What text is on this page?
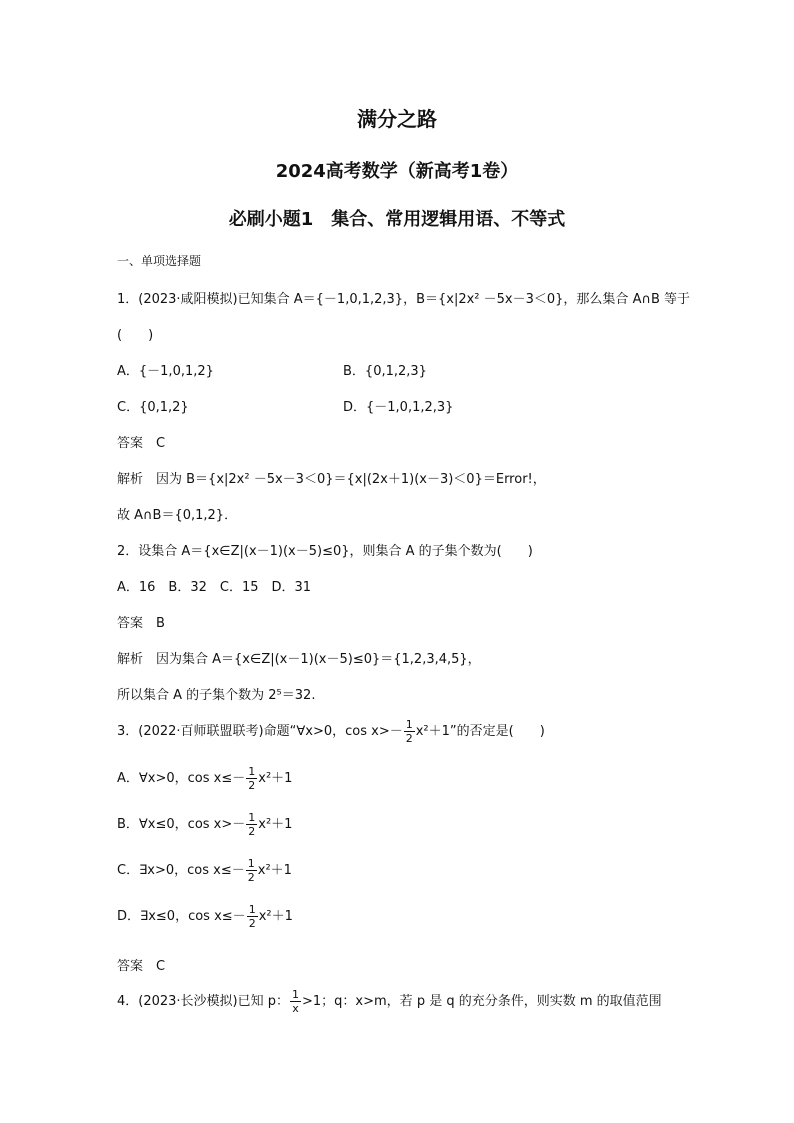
满分之路
2024高考数学（新高考1卷）
必刷小题1　集合、常用逻辑用语、不等式
一、单项选择题
1．(2023·咸阳模拟)已知集合 A＝{－1,0,1,2,3}，B＝{x|2x² －5x－3＜0}，那么集合 A∩B 等于
(　　)
A．{－1,0,1,2}	B．{0,1,2,3}
C．{0,1,2}	D．{－1,0,1,2,3}
答案　C
解析　因为 B＝{x|2x² －5x－3＜0}＝{x|(2x＋1)(x－3)＜0}＝Error!，
故 A∩B＝{0,1,2}．
2．设集合 A＝{x∈Z|(x－1)(x－5)≤0}，则集合 A 的子集个数为(　　)
A．16　B．32　C．15　D．31
答案　B
解析　因为集合 A＝{x∈Z|(x－1)(x－5)≤0}＝{1,2,3,4,5}，
所以集合 A 的子集个数为 2⁵＝32.
3．(2022·百师联盟联考)命题“∀x>0，$\cos x>- \frac{1}{2} x^2+1$”的否定是(　　)
A．∀x>0，$\cos x\le- \frac{1}{2} x^2+1$
B．∀x≤0，$\cos x>- \frac{1}{2} x^2+1$
C．∃x>0，$\cos x\le- \frac{1}{2} x^2+1$
D．∃x≤0，$\cos x\le- \frac{1}{2} x^2+1$
答案　C
4．(2023·长沙模拟)已知 p： $\frac{1}{x} >1$；q：x>m，若 p 是 q 的充分条件，则实数 m 的取值范围
